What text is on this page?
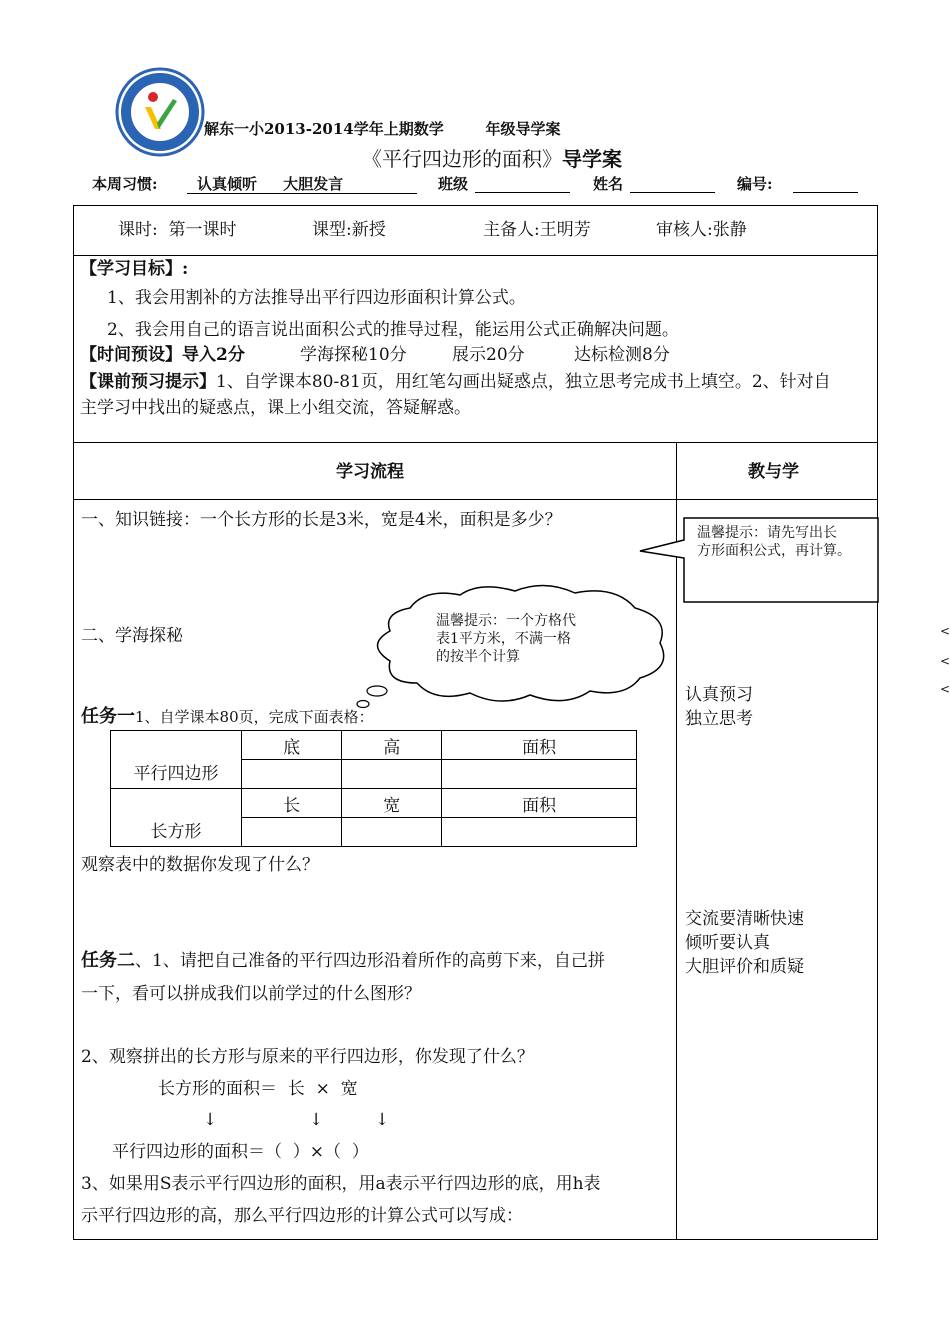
1980
解东一小2013-2014学年上期数学        年级导学案
《平行四边形的面积》导学案
本周习惯:	认真倾听     大胆发言	班级	姓名	编号:
课时:  第一课时	课型:新授	主备人:王明芳	审核人:张静
【学习目标】:
1、我会用割补的方法推导出平行四边形面积计算公式。
2、我会用自己的语言说出面积公式的推导过程，能运用公式正确解决问题。
【时间预设】导入2分	学海探秘10分	展示20分	达标检测8分
【课前预习提示】1、自学课本80-81页，用红笔勾画出疑惑点，独立思考完成书上填空。2、针对自
主学习中找出的疑惑点，课上小组交流，答疑解惑。
学习流程	教与学
一、知识链接：一个长方形的长是3米，宽是4米，面积是多少？
温馨提示：请先写出长
方形面积公式，再计算。
温馨提示：一个方格代
表1平方米，不满一格
的按半个计算
二、学海探秘
任务一1、自学课本80页，完成下面表格：
平行四边形	底	高	面积

长方形	长	宽	面积

观察表中的数据你发现了什么？
任务二、1、请把自己准备的平行四边形沿着所作的高剪下来，自己拼
一下，看可以拼成我们以前学过的什么图形？
2、观察拼出的长方形与原来的平行四边形，你发现了什么？
长方形的面积＝  长  ×  宽
↓	↓	↓
平行四边形的面积＝（  ）×（  ）
3、如果用S表示平行四边形的面积，用a表示平行四边形的底，用h表
示平行四边形的高，那么平行四边形的计算公式可以写成：
认真预习
独立思考
交流要清晰快速
倾听要认真
大胆评价和质疑
<
<
<
